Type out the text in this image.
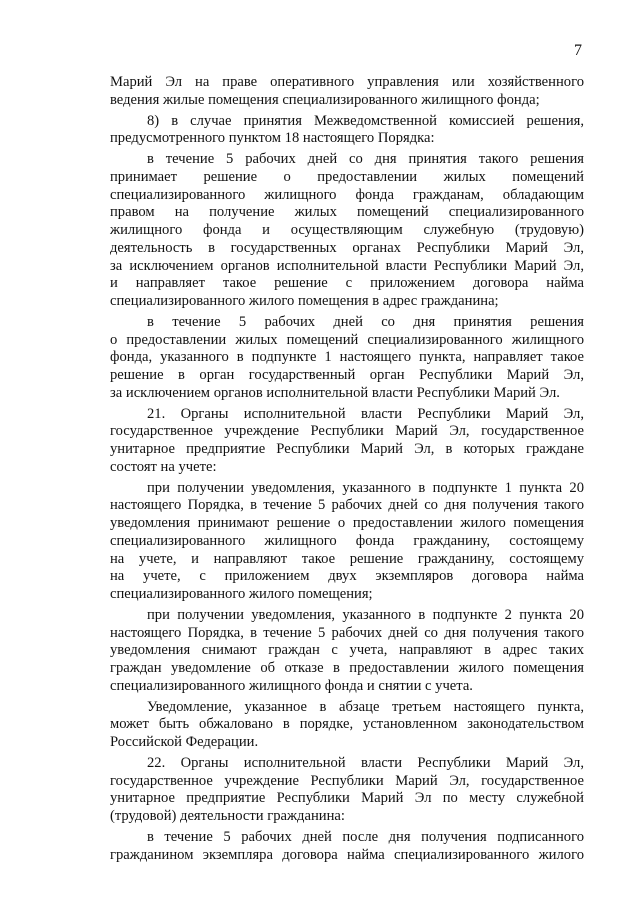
7
Марий Эл на праве оперативного управления или хозяйственного
ведения жилые помещения специализированного жилищного фонда;
8) в случае принятия Межведомственной комиссией решения,
предусмотренного пунктом 18 настоящего Порядка:
в течение 5 рабочих дней со дня принятия такого решения
принимает решение о предоставлении жилых помещений
специализированного жилищного фонда гражданам, обладающим
правом на получение жилых помещений специализированного
жилищного фонда и осуществляющим служебную (трудовую)
деятельность в государственных органах Республики Марий Эл,
за исключением органов исполнительной власти Республики Марий Эл,
и направляет такое решение с приложением договора найма
специализированного жилого помещения в адрес гражданина;
в течение 5 рабочих дней со дня принятия решения
о предоставлении жилых помещений специализированного жилищного
фонда, указанного в подпункте 1 настоящего пункта, направляет такое
решение в орган государственный орган Республики Марий Эл,
за исключением органов исполнительной власти Республики Марий Эл.
21. Органы исполнительной власти Республики Марий Эл,
государственное учреждение Республики Марий Эл, государственное
унитарное предприятие Республики Марий Эл, в которых граждане
состоят на учете:
при получении уведомления, указанного в подпункте 1 пункта 20
настоящего Порядка, в течение 5 рабочих дней со дня получения такого
уведомления принимают решение о предоставлении жилого помещения
специализированного жилищного фонда гражданину, состоящему
на учете, и направляют такое решение гражданину, состоящему
на учете, с приложением двух экземпляров договора найма
специализированного жилого помещения;
при получении уведомления, указанного в подпункте 2 пункта 20
настоящего Порядка, в течение 5 рабочих дней со дня получения такого
уведомления снимают граждан с учета, направляют в адрес таких
граждан уведомление об отказе в предоставлении жилого помещения
специализированного жилищного фонда и снятии с учета.
Уведомление, указанное в абзаце третьем настоящего пункта,
может быть обжаловано в порядке, установленном законодательством
Российской Федерации.
22. Органы исполнительной власти Республики Марий Эл,
государственное учреждение Республики Марий Эл, государственное
унитарное предприятие Республики Марий Эл по месту служебной
(трудовой) деятельности гражданина:
в течение 5 рабочих дней после дня получения подписанного
гражданином экземпляра договора найма специализированного жилого
